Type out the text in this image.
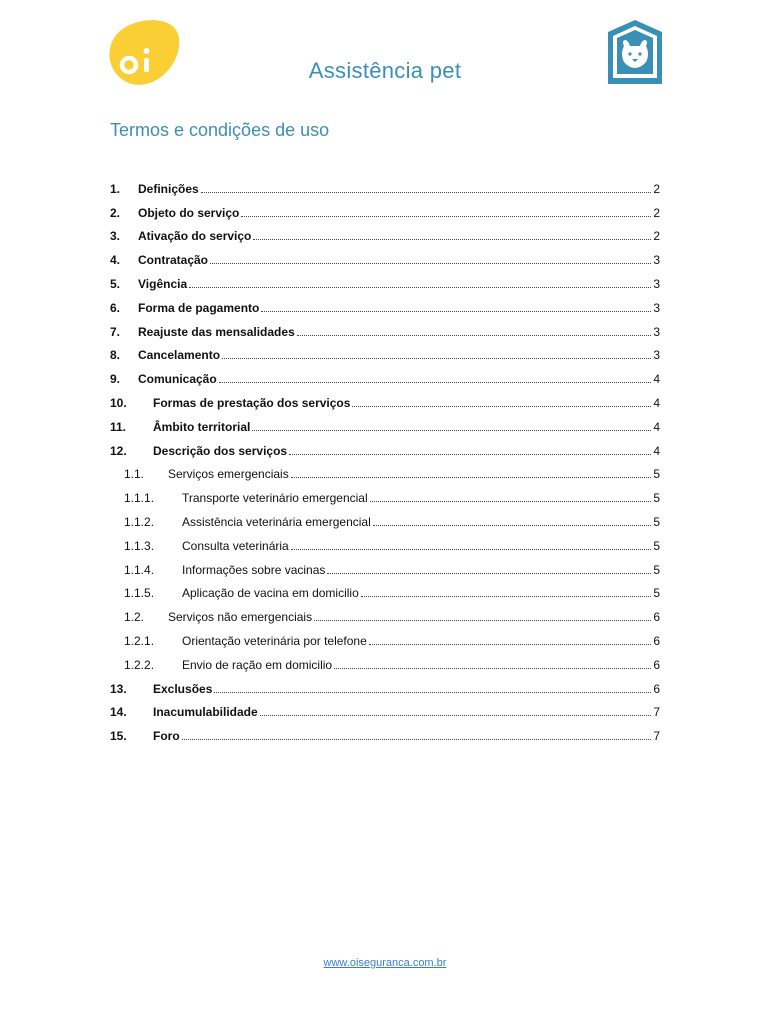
Assistência pet
Termos e condições de uso
1.	Definições	2
2.	Objeto do serviço	2
3.	Ativação do serviço	2
4.	Contratação	3
5.	Vigência	3
6.	Forma de pagamento	3
7.	Reajuste das mensalidades	3
8.	Cancelamento	3
9.	Comunicação	4
10.	Formas de prestação dos serviços	4
11.	Âmbito territorial	4
12.	Descrição dos serviços	4
1.1.	Serviços emergenciais	5
1.1.1.	Transporte veterinário emergencial	5
1.1.2.	Assistência veterinária emergencial	5
1.1.3.	Consulta veterinária	5
1.1.4.	Informações sobre vacinas	5
1.1.5.	Aplicação de vacina em domicilio	5
1.2.	Serviços não emergenciais	6
1.2.1.	Orientação veterinária por telefone	6
1.2.2.	Envio de ração em domicilio	6
13.	Exclusões	6
14.	Inacumulabilidade	7
15.	Foro	7
www.oiseguranca.com.br
